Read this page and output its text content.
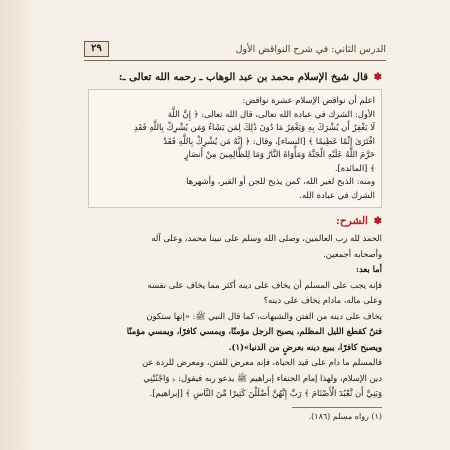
الدرس الثاني: في شرح النواقض الأول
٢٩
✽ قال شيخ الإسلام محمد بن عبد الوهاب ـ رحمه الله تعالى ـ:

اعلم أن نواقض الإسلام عشرة نواقض:

الأول: الشرك في عبادة الله تعالى، قال الله تعالى: ﴿ إِنَّ اللَّهَ

لَا يَغْفِرُ أَن يُشْرَكَ بِهِ وَيَغْفِرُ مَا دُونَ ذَٰلِكَ لِمَن يَشَاءُ وَمَن يُشْرِكْ بِاللَّهِ فَقَدِ

افْتَرَىٰ إِثْمًا عَظِيمًا ﴾ [النساء]، وقال: ﴿ إِنَّهُ مَن يُشْرِكْ بِاللَّهِ فَقَدْ

حَرَّمَ اللَّهُ عَلَيْهِ الْجَنَّةَ وَمَأْوَاهُ النَّارُ وَمَا لِلظَّالِمِينَ مِنْ أَنصَارٍ

﴾ [المائدة].

ومنه: الذبح لغير الله، كمن يذبح للجن أو القبر، وأشهرها

الشرك في عبادة الله.

✽ الشرح:

الحمد لله رب العالمين، وصلى الله وسلم على نبينا محمد، وعلى آله

وأصحابه أجمعين.

أما بعد:

فإنه يجب على المسلم أن يخاف على دينه أكثر مما يخاف على نفسه

وعلى ماله، مادام يخاف على دينه؟

يخاف على دينه من الفتن والشبهات، كما قال النبي ﷺ: «إنها ستكون

فتنٌ كقطع الليل المظلم، يصبح الرجل مؤمنًا، ويمسي كافرًا، ويمسي مؤمنًا

ويصبح كافرًا، يبيع دينه بعرضٍ من الدنيا»(١).

فالمسلم ما دام على قيد الحياة، فإنه معرض للفتن، ومعرض للردة عن

دين الإسلام، ولهذا إمام الحنفاء إبراهيم ﷺ يدعو ربه فيقول: ﴿ وَاجْنُبْنِي

وَبَنِيَّ أَن نَّعْبُدَ الْأَصْنَامَ ﴾ رَبِّ إِنَّهُنَّ أَضْلَلْنَ كَثِيرًا مِّنَ النَّاسِ ﴾ [إبراهيم].

(١) رواه مسلم (١٨٦).
